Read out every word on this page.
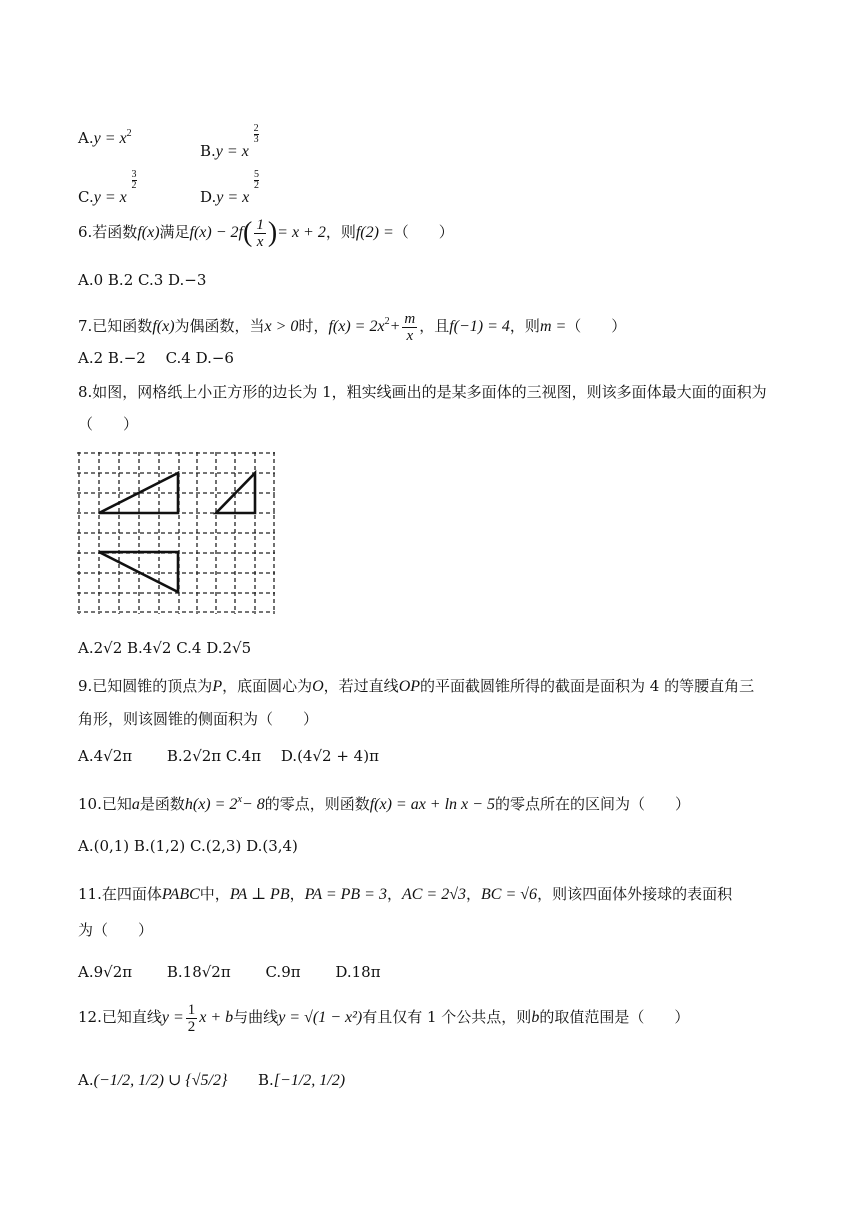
$A.y = x^2$
B.y = x
$\frac{2}{3}$
C.y = x
$\frac{3}{2}$
D.y = x
$\frac{5}{2}$
6.若函数f(x)满足$f(x) - 2f( \frac{1}{x}$ )= x + 2，则f(2) =（　　）
A.0 B.2 C.3 D.−3
7.已知函数f(x)为偶函数，当x > 0时，$f(x) = 2x^2+ \frac{m}{x}$ ，且f(−1) = 4，则m =（　　）
A.2 B.−2　 C.4 D.−6
8.如图，网格纸上小正方形的边长为 1，粗实线画出的是某多面体的三视图，则该多面体最大面的面积为
（　　）
A.2√2 B.4√2 C.4 D.2√5
9.已知圆锥的顶点为P，底面圆心为O，若过直线OP的平面截圆锥所得的截面是面积为 4 的等腰直角三
角形，则该圆锥的侧面积为（　　）
A.4√2π　　 B.2√2π C.4π　 D.(4√2 + 4)π
10.已知a是函数$h(x) = 2^x- 8$的零点，则函数f(x) = ax + ln x − 5的零点所在的区间为（　　）
A.(0,1) B.(1,2) C.(2,3) D.(3,4)
11.在四面体PABC中，PA ⊥ PB，PA = PB = 3，AC = 2√3，BC = √6，则该四面体外接球的表面积
为（　　）
A.9√2π　　 B.18√2π　　 C.9π　　 D.18π
12.已知直线$y = \frac{1}{2}$ x + b与曲线y = √(1 − x²)有且仅有 1 个公共点，则b的取值范围是（　　）
A.(−1/2, 1/2) ∪ {√5/2} B.[−1/2, 1/2)
